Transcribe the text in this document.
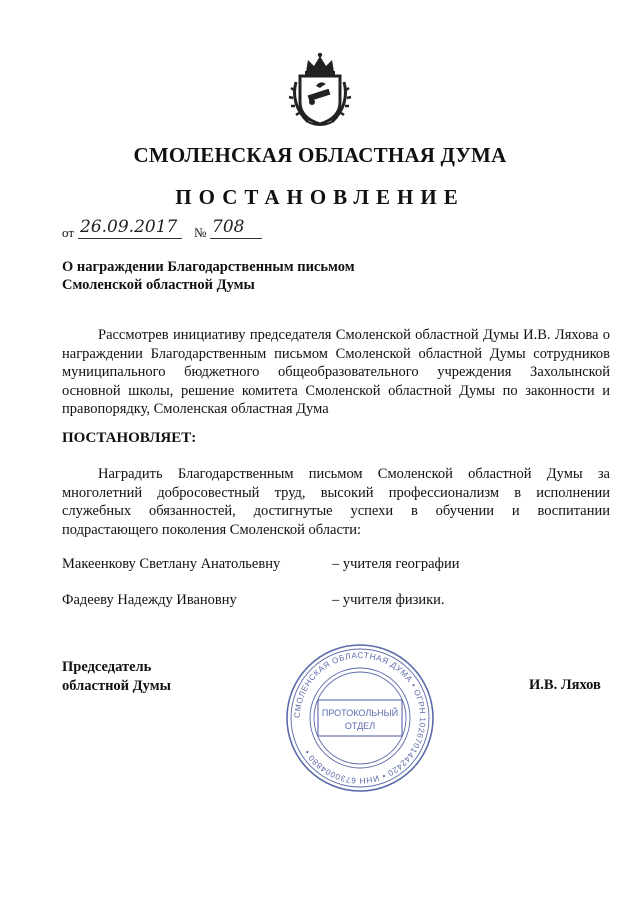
СМОЛЕНСКАЯ ОБЛАСТНАЯ ДУМА
ПОСТАНОВЛЕНИЕ
от 26.09.2017	№ 708
О награждении Благодарственным письмом
Смоленской областной Думы
Рассмотрев инициативу председателя Смоленской областной Думы И.В. Ляхова о награждении Благодарственным письмом Смоленской областной Думы сотрудников муниципального бюджетного общеобразовательного учреждения Захолынской основной школы, решение комитета Смоленской областной Думы по законности и правопорядку, Смоленская областная Дума
ПОСТАНОВЛЯЕТ:
Наградить Благодарственным письмом Смоленской областной Думы за многолетний добросовестный труд, высокий профессионализм в исполнении служебных обязанностей, достигнутые успехи в обучении и воспитании подрастающего поколения Смоленской области:
Макеенкову Светлану Анатольевну	– учителя географии
Фадееву Надежду Ивановну	– учителя физики.
Председатель
областной Думы
СМОЛЕНСКАЯ ОБЛАСТНАЯ ДУМА • ОГРН 1026701442420 • ИНН 6730004880 •
ПРОТОКОЛЬНЫЙ
ОТДЕЛ
И.В. Ляхов
